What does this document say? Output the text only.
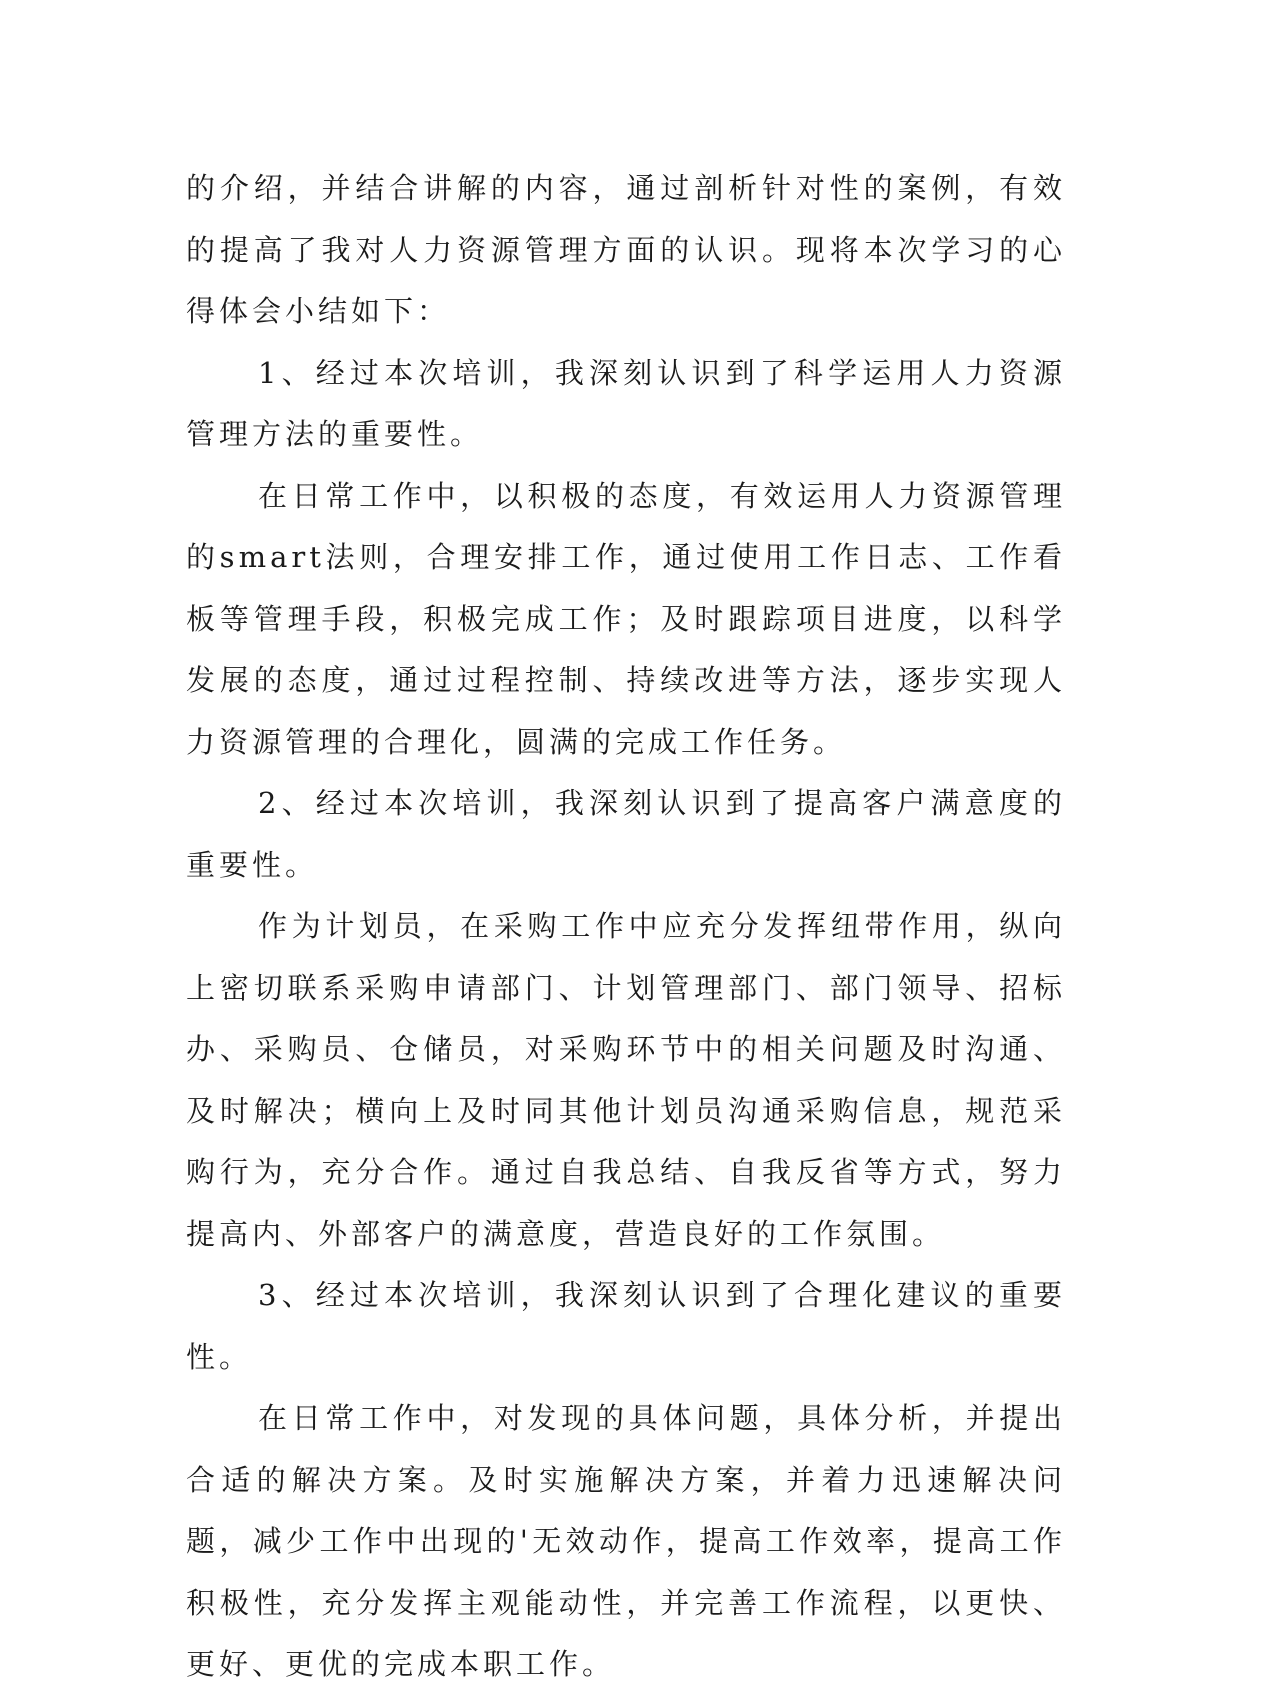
的介绍，并结合讲解的内容，通过剖析针对性的案例，有效的提高了我对人力资源管理方面的认识。现将本次学习的心得体会小结如下：

1、经过本次培训，我深刻认识到了科学运用人力资源管理方法的重要性。

在日常工作中，以积极的态度，有效运用人力资源管理的smart法则，合理安排工作，通过使用工作日志、工作看板等管理手段，积极完成工作；及时跟踪项目进度，以科学发展的态度，通过过程控制、持续改进等方法，逐步实现人力资源管理的合理化，圆满的完成工作任务。

2、经过本次培训，我深刻认识到了提高客户满意度的重要性。

作为计划员，在采购工作中应充分发挥纽带作用，纵向上密切联系采购申请部门、计划管理部门、部门领导、招标办、采购员、仓储员，对采购环节中的相关问题及时沟通、及时解决；横向上及时同其他计划员沟通采购信息，规范采购行为，充分合作。通过自我总结、自我反省等方式，努力提高内、外部客户的满意度，营造良好的工作氛围。

3、经过本次培训，我深刻认识到了合理化建议的重要性。

在日常工作中，对发现的具体问题，具体分析，并提出合适的解决方案。及时实施解决方案，并着力迅速解决问题，减少工作中出现的'无效动作，提高工作效率，提高工作积极性，充分发挥主观能动性，并完善工作流程，以更快、更好、更优的完成本职工作。
